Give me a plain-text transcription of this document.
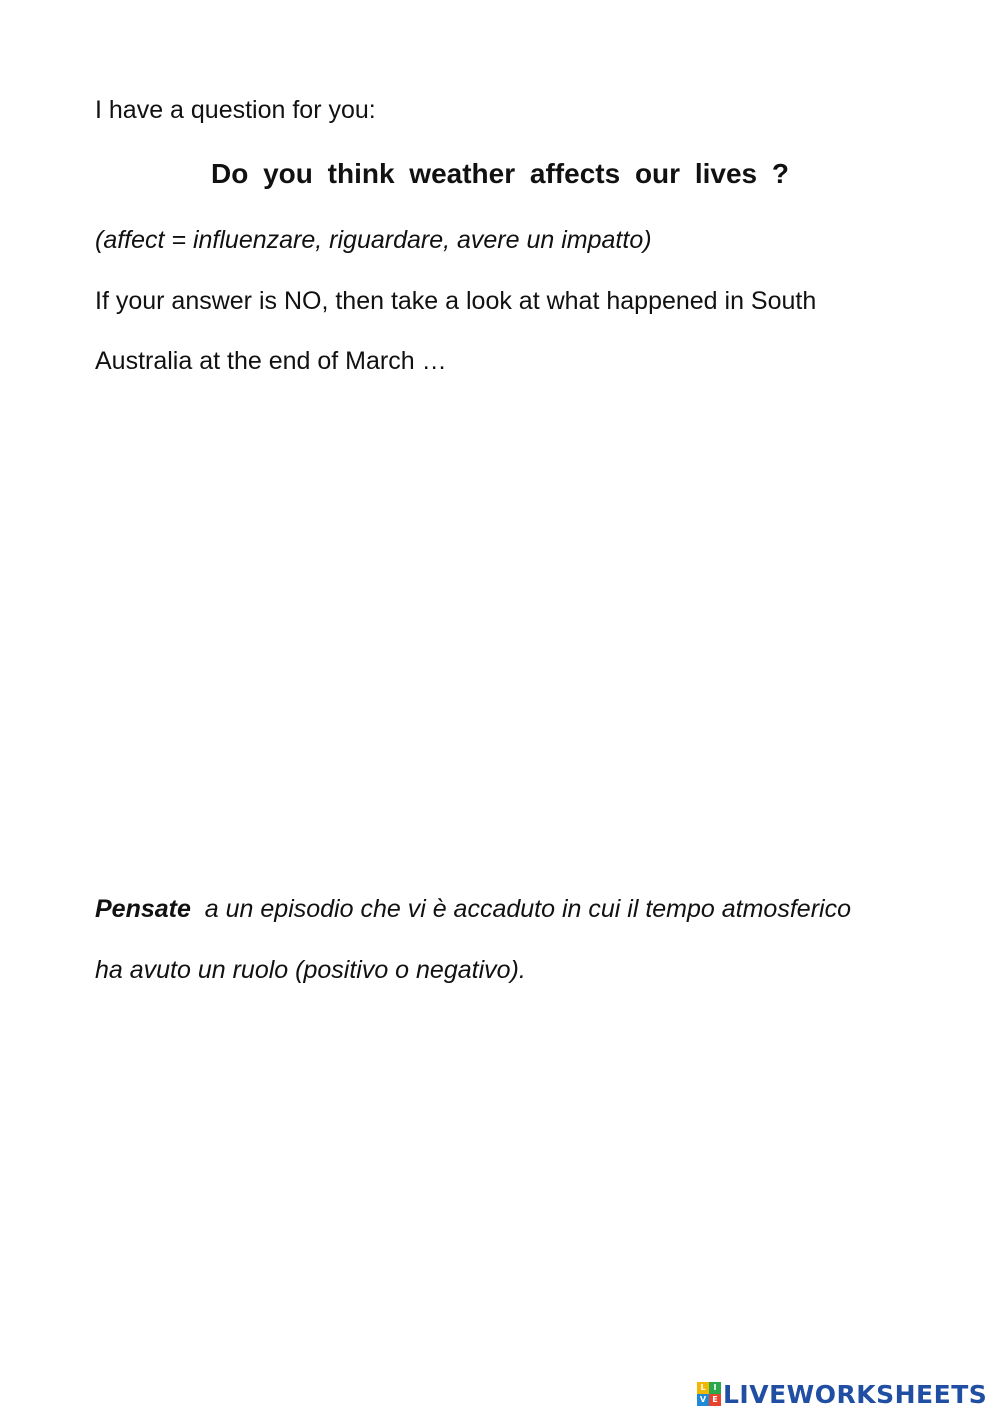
I have a question for you:
Do you think weather affects our lives ?
(affect = influenzare, riguardare, avere un impatto)
If your answer is NO, then take a look at what happened in South
Australia at the end of March …
Pensate  a un episodio che vi è accaduto in cui il tempo atmosferico
ha avuto un ruolo (positivo o negativo).
L I
V E LIVEWORKSHEETS
